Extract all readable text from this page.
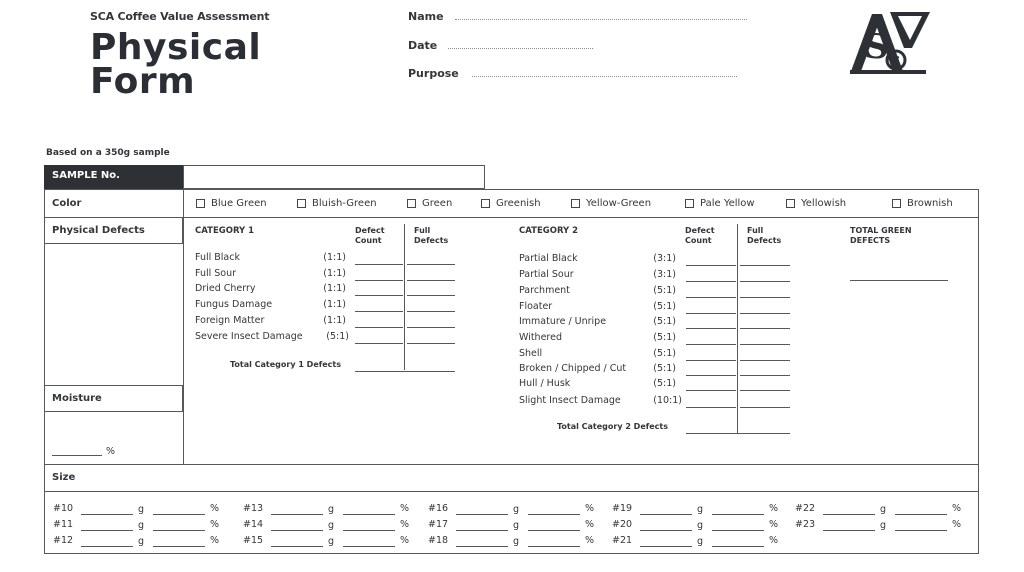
SCA Coffee Value Assessment
Physical
Form
Name
Date
Purpose
S C
Based on a 350g sample
SAMPLE No.
Color	Blue Green	Bluish-Green	Green	Greenish	Yellow-Green	Pale Yellow	Yellowish	Brownish
Physical Defects
Moisture
%
CATEGORY 1	Defect Count
Full Defects
Full Black	(1:1)
Full Sour	(1:1)
Dried Cherry	(1:1)
Fungus Damage	(1:1)
Foreign Matter	(1:1)
Severe Insect Damage	(5:1)
Total Category 1 Defects
CATEGORY 2	Defect Count
Full Defects
Partial Black	(3:1)
Partial Sour	(3:1)
Parchment	(5:1)
Floater	(5:1)
Immature / Unripe	(5:1)
Withered	(5:1)
Shell	(5:1)
Broken / Chipped / Cut	(5:1)
Hull / Husk	(5:1)
Slight Insect Damage	(10:1)
Total Category 2 Defects
TOTAL GREEN DEFECTS
Size
#10	g	%
#11	g	%
#12	g	%
#13	g	%
#14	g	%
#15	g	%
#16	g	%
#17	g	%
#18	g	%
#19	g	%
#20	g	%
#21	g	%
#22	g	%
#23	g	%
